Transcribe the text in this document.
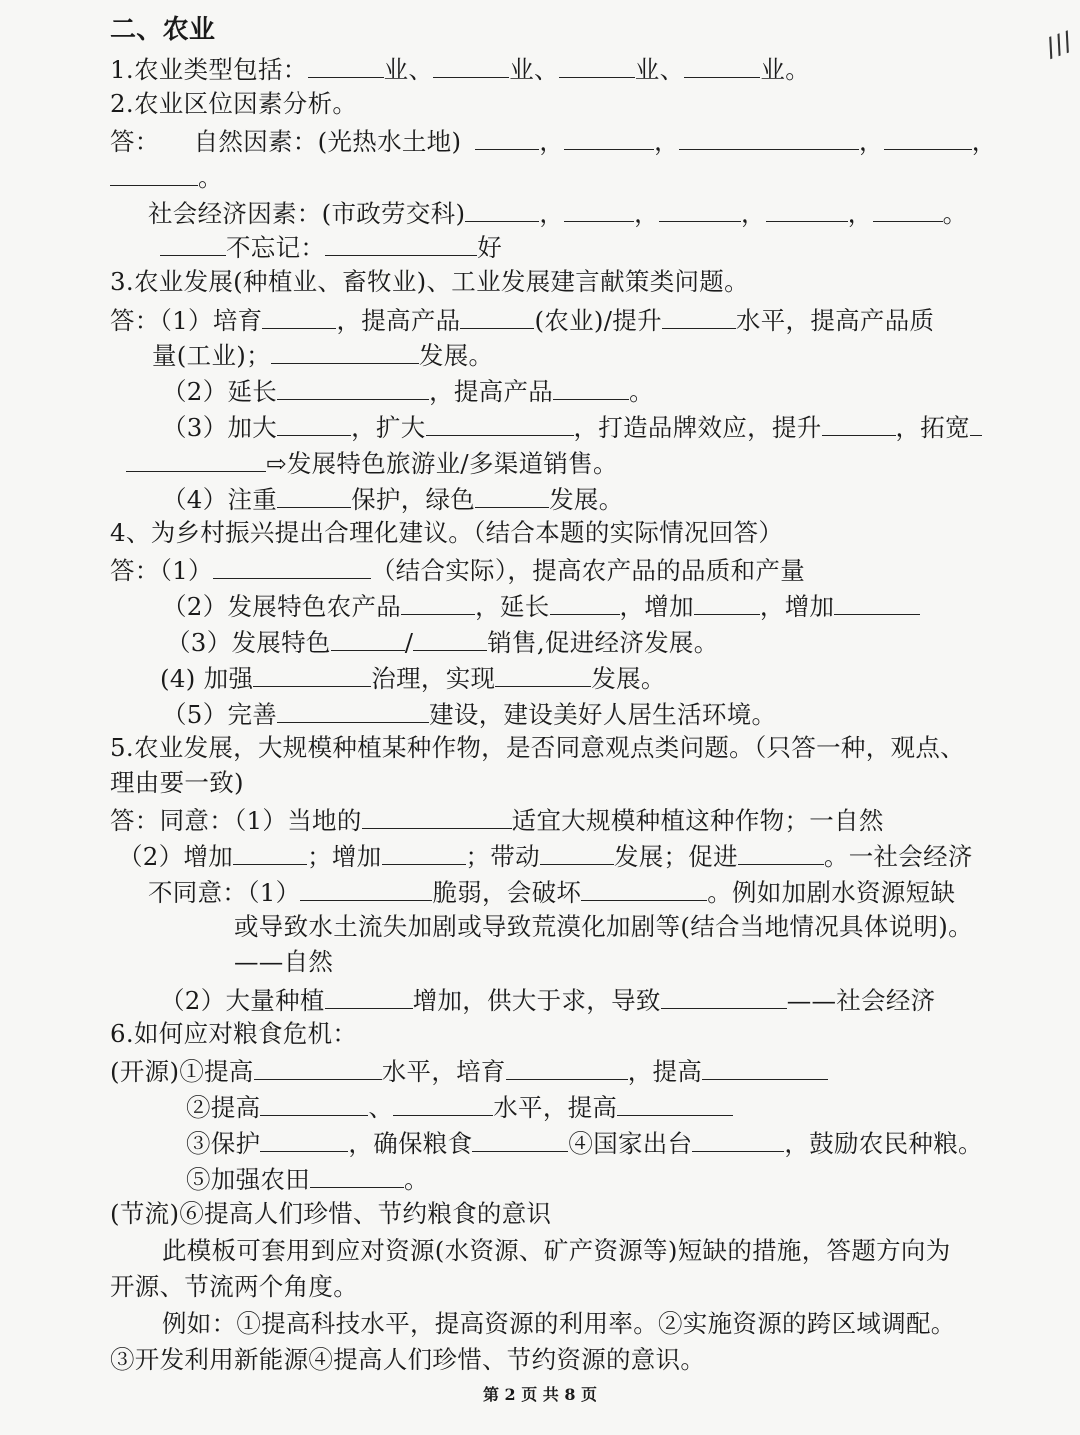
///
二、农业
1.农业类型包括：	业、	业、	业、	业。
2.农业区位因素分析。
答： 自然因素：(光热水土地)	，	，	，	，
。
社会经济因素：(市政劳交科)	，	，	，	，	。
不忘记：	好
3.农业发展(种植业、畜牧业)、工业发展建言献策类问题。
答：（1）培育	，提高产品	(农业)/提升	水平，提高产品质
量(工业)；	发展。
（2）延长	，提高产品	。
（3）加大	，扩大	，打造品牌效应，提升	，拓宽
⇨发展特色旅游业/多渠道销售。
（4）注重	保护，绿色	发展。
4、为乡村振兴提出合理化建议。（结合本题的实际情况回答）
答：（1）	（结合实际），提高农产品的品质和产量
（2）发展特色农产品	，延长	，增加	，增加
（3）发展特色	/	销售,促进经济发展。
(4) 加强	治理，实现	发展。
（5）完善	建设，建设美好人居生活环境。
5.农业发展，大规模种植某种作物，是否同意观点类问题。（只答一种，观点、
理由要一致)
答：同意：（1）当地的	适宜大规模种植这种作物；一自然
（2）增加	；增加	；带动	发展；促进	。一社会经济
不同意：（1）	脆弱，会破坏	。例如加剧水资源短缺
或导致水土流失加剧或导致荒漠化加剧等(结合当地情况具体说明)。
——自然
（2）大量种植	增加，供大于求，导致	——社会经济
6.如何应对粮食危机：
(开源)①提高	水平，培育	，提高
②提高	、	水平，提高
③保护	，确保粮食	④国家出台	，鼓励农民种粮。
⑤加强农田	。
(节流)⑥提高人们珍惜、节约粮食的意识
此模板可套用到应对资源(水资源、矿产资源等)短缺的措施，答题方向为
开源、节流两个角度。
例如：①提高科技水平，提高资源的利用率。②实施资源的跨区域调配。
③开发利用新能源④提高人们珍惜、节约资源的意识。
第 2 页 共 8 页
